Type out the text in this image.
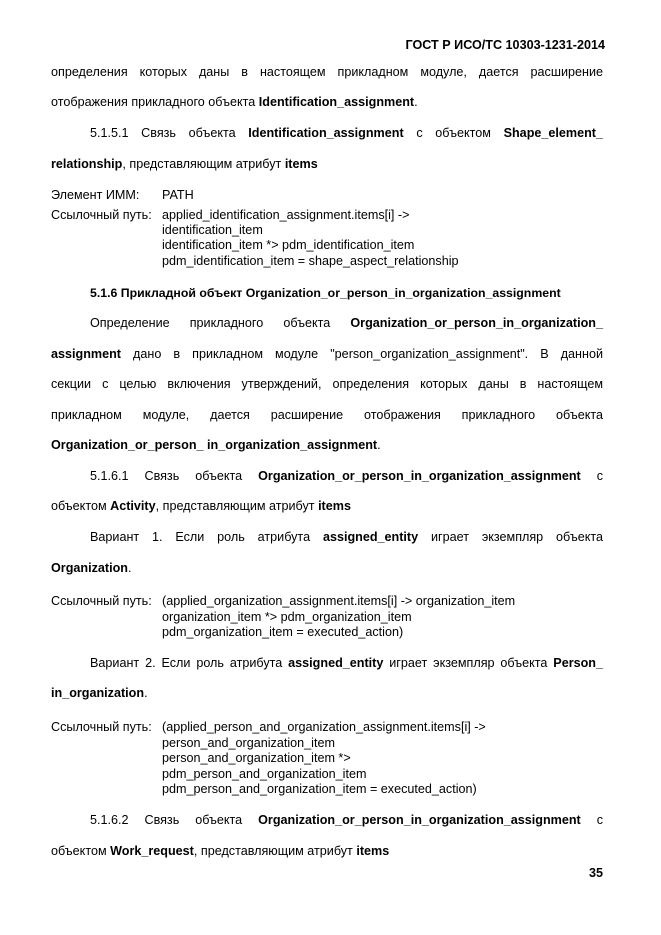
ГОСТ Р ИСО/ТС 10303-1231-2014
определения которых даны в настоящем прикладном модуле, дается расширение
отображения прикладного объекта Identification_assignment.
5.1.5.1 Связь объекта Identification_assignment с объектом Shape_element_
relationship, представляющим атрибут items
Элемент ИММ: PATH
Ссылочный путь: applied_identification_assignment.items[i] ->
identification_item
identification_item *> pdm_identification_item
pdm_identification_item = shape_aspect_relationship
5.1.6 Прикладной объект Organization_or_person_in_organization_assignment
Определение прикладного объекта Organization_or_person_in_organization_
assignment дано в прикладном модуле "person_organization_assignment". В данной
секции с целью включения утверждений, определения которых даны в настоящем
прикладном модуле, дается расширение отображения прикладного объекта
Organization_or_person_ in_organization_assignment.
5.1.6.1 Связь объекта Organization_or_person_in_organization_assignment с
объектом Activity, представляющим атрибут items
Вариант 1. Если роль атрибута assigned_entity играет экземпляр объекта
Organization.
Ссылочный путь: (applied_organization_assignment.items[i] -> organization_item
organization_item *> pdm_organization_item
pdm_organization_item = executed_action)
Вариант 2. Если роль атрибута assigned_entity играет экземпляр объекта Person_
in_organization.
Ссылочный путь: (applied_person_and_organization_assignment.items[i] ->
person_and_organization_item
person_and_organization_item *>
pdm_person_and_organization_item
pdm_person_and_organization_item = executed_action)
5.1.6.2 Связь объекта Organization_or_person_in_organization_assignment с
объектом Work_request, представляющим атрибут items
35
